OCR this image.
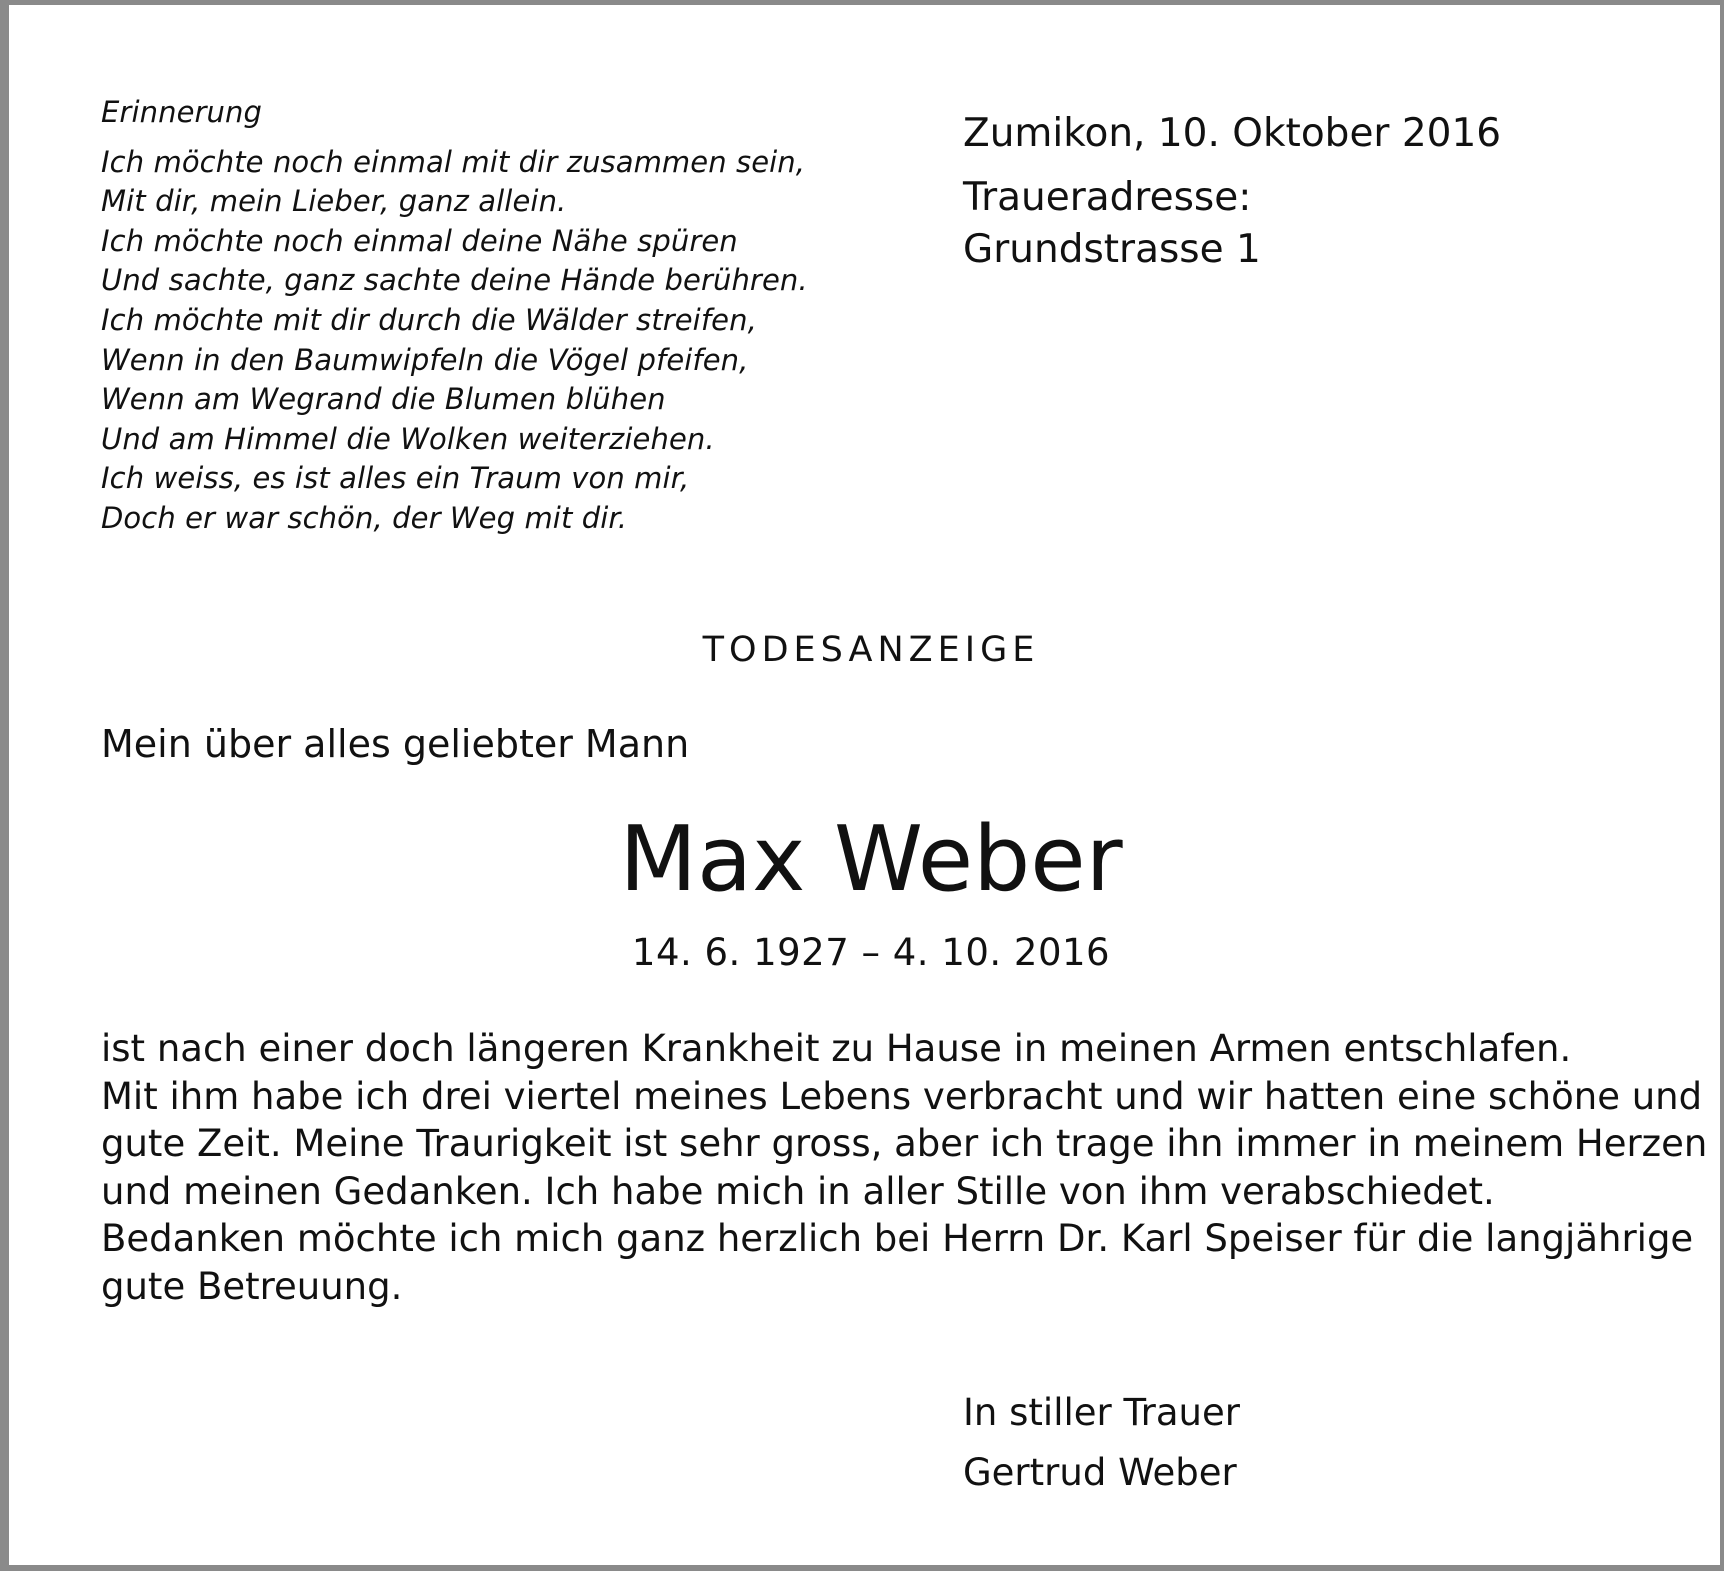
Erinnerung
Ich möchte noch einmal mit dir zusammen sein,
Mit dir, mein Lieber, ganz allein.
Ich möchte noch einmal deine Nähe spüren
Und sachte, ganz sachte deine Hände berühren.
Ich möchte mit dir durch die Wälder streifen,
Wenn in den Baumwipfeln die Vögel pfeifen,
Wenn am Wegrand die Blumen blühen
Und am Himmel die Wolken weiterziehen.
Ich weiss, es ist alles ein Traum von mir,
Doch er war schön, der Weg mit dir.
Zumikon, 10. Oktober 2016
Traueradresse:
Grundstrasse 1
TODESANZEIGE
Mein über alles geliebter Mann
Max Weber
14. 6. 1927 – 4. 10. 2016
ist nach einer doch längeren Krankheit zu Hause in meinen Armen entschlafen.
Mit ihm habe ich drei viertel meines Lebens verbracht und wir hatten eine schöne und
gute Zeit. Meine Traurigkeit ist sehr gross, aber ich trage ihn immer in meinem Herzen
und meinen Gedanken. Ich habe mich in aller Stille von ihm verabschiedet.
Bedanken möchte ich mich ganz herzlich bei Herrn Dr. Karl Speiser für die langjährige
gute Betreuung.
In stiller Trauer
Gertrud Weber
